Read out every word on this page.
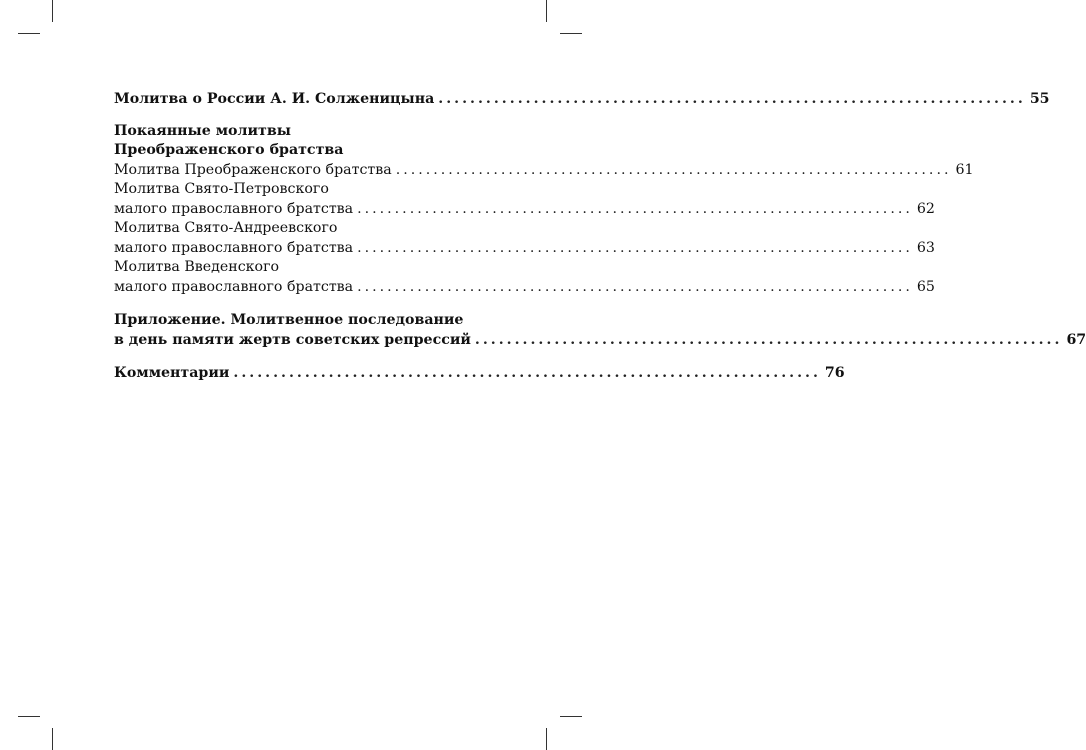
Молитва о России А. И. Солженицына .......................................................................... 55
Покаянные молитвы
Преображенского братства
Молитва Преображенского братства .......................................................................... 61
Молитва Свято-Петровского
малого православного братства .......................................................................... 62
Молитва Свято-Андреевского
малого православного братства .......................................................................... 63
Молитва Введенского
малого православного братства .......................................................................... 65
Приложение. Молитвенное последование
в день памяти жертв советских репрессий .......................................................................... 67
Комментарии .......................................................................... 76
